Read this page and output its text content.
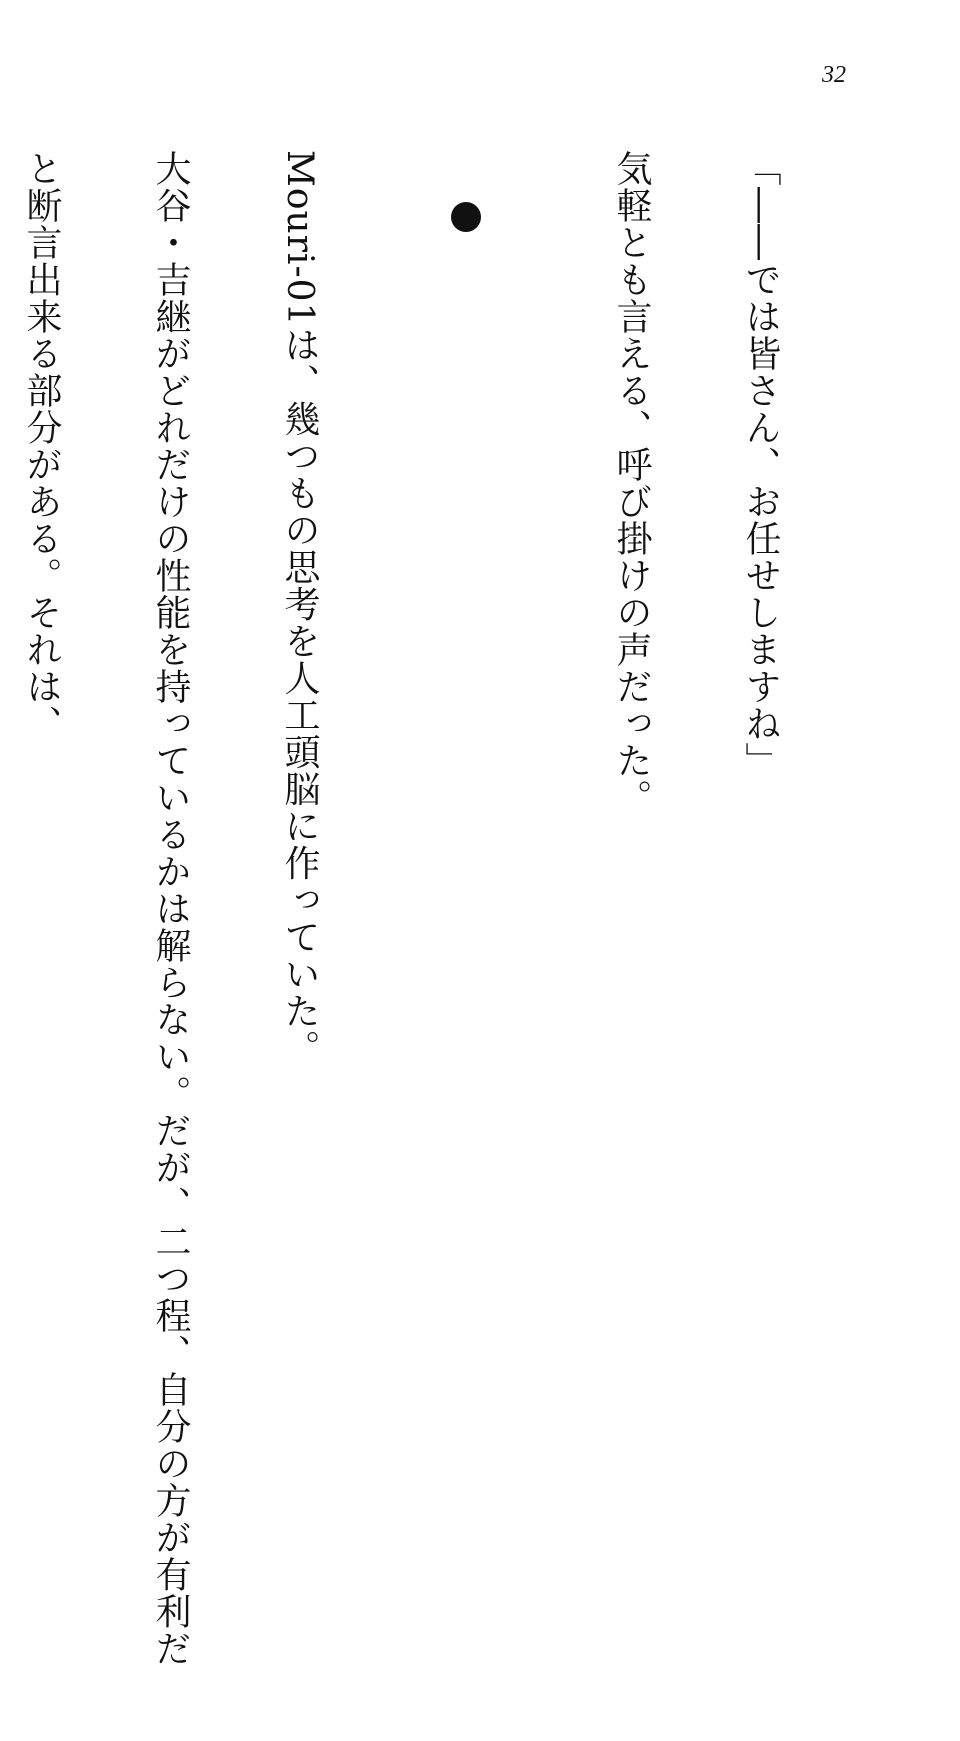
32

「――では皆さん、お任せしますね」

気軽とも言える、呼び掛けの声だった。

Mouri-01は、幾つもの思考を人工頭脳に作っていた。

大谷・吉継がどれだけの性能を持っているかは解らない。だが、二つ程、自分の方が有利だ

と断言出来る部分がある。それは、
